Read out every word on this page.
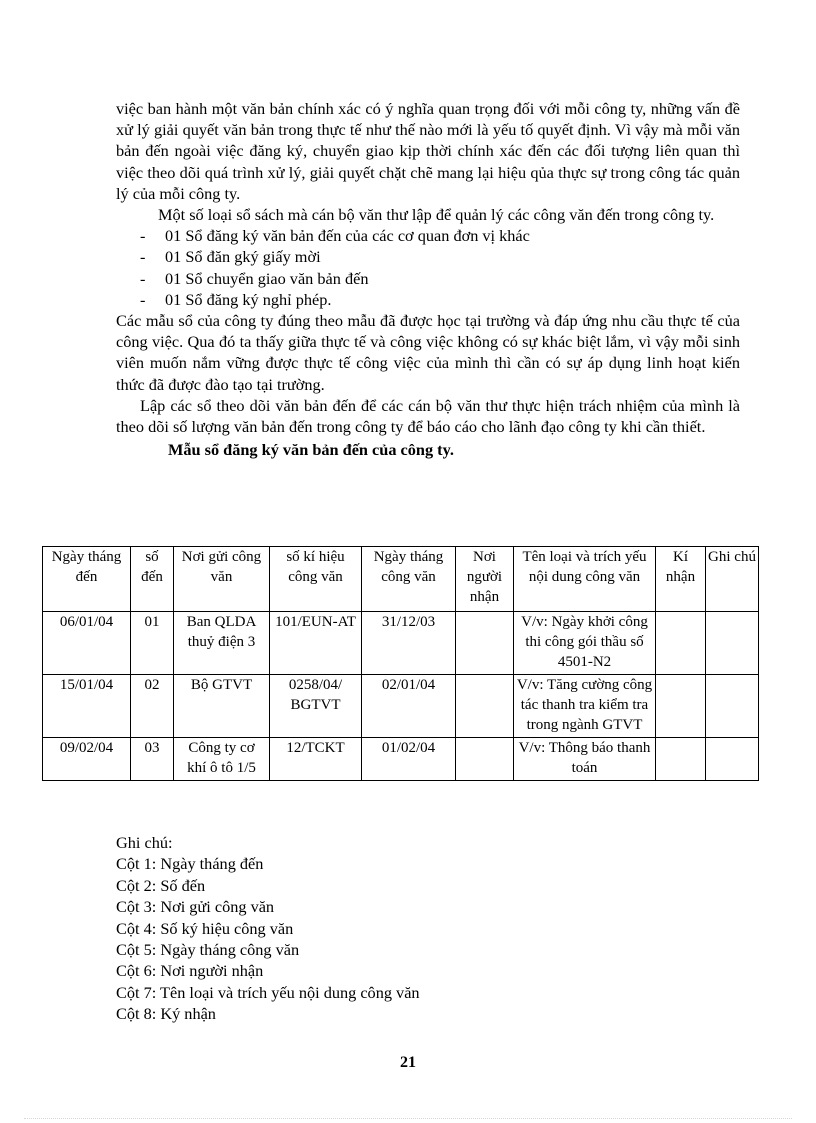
việc ban hành một văn bản chính xác có ý nghĩa quan trọng đối với mỗi công ty, những vấn đề xử lý giải quyết văn bản trong thực tế như thế nào mới là yếu tố quyết định. Vì vậy mà mỗi văn bản đến ngoài việc đăng ký, chuyển giao kịp thời chính xác đến các đối tượng liên quan thì việc theo dõi quá trình xử lý, giải quyết chặt chẽ mang lại hiệu qủa thực sự trong công tác quản lý của mỗi công ty.

Một số loại sổ sách mà cán bộ văn thư lập để quản lý các công văn đến trong công ty.

- 01 Sổ đăng ký văn bản đến của các cơ quan đơn vị khác
- 01 Sổ đăn gký giấy mời
- 01 Sổ chuyển giao văn bản đến
- 01 Sổ đăng ký nghỉ phép.

Các mẫu sổ của công ty đúng theo mẫu đã được học tại trường và đáp ứng nhu cầu thực tế của công việc. Qua đó ta thấy giữa thực tế và công việc không có sự khác biệt lắm, vì vậy mỗi sinh viên muốn nắm vững được thực tế công việc của mình thì cần có sự áp dụng linh hoạt kiến thức đã được đào tạo tại trường.

Lập các sổ theo dõi văn bản đến để các cán bộ văn thư thực hiện trách nhiệm của mình là theo dõi số lượng văn bản đến trong công ty để báo cáo cho lãnh đạo công ty khi cần thiết.

Mẫu sổ đăng ký văn bản đến của công ty.

Ngày tháng đến	số đến	Nơi gửi công văn	số kí hiệu công văn	Ngày tháng công văn	Nơi người nhận	Tên loại và trích yếu nội dung công văn	Kí nhận	Ghi chú
06/01/04	01	Ban QLDA thuỷ điện 3	101/EUN-AT	31/12/03		V/v: Ngày khởi công thi công gói thầu số 4501-N2		
15/01/04	02	Bộ GTVT	0258/04/ BGTVT	02/01/04		V/v: Tăng cường công tác thanh tra kiểm tra trong ngành GTVT		
09/02/04	03	Công ty cơ khí ô tô 1/5	12/TCKT	01/02/04		V/v: Thông báo thanh toán		

Ghi chú:

Cột 1: Ngày tháng đến

Cột 2: Số đến

Cột 3: Nơi gửi công văn

Cột 4: Số ký hiệu công văn

Cột 5: Ngày tháng công văn

Cột 6: Nơi người nhận

Cột 7: Tên loại và trích yếu nội dung công văn

Cột 8: Ký nhận

21
